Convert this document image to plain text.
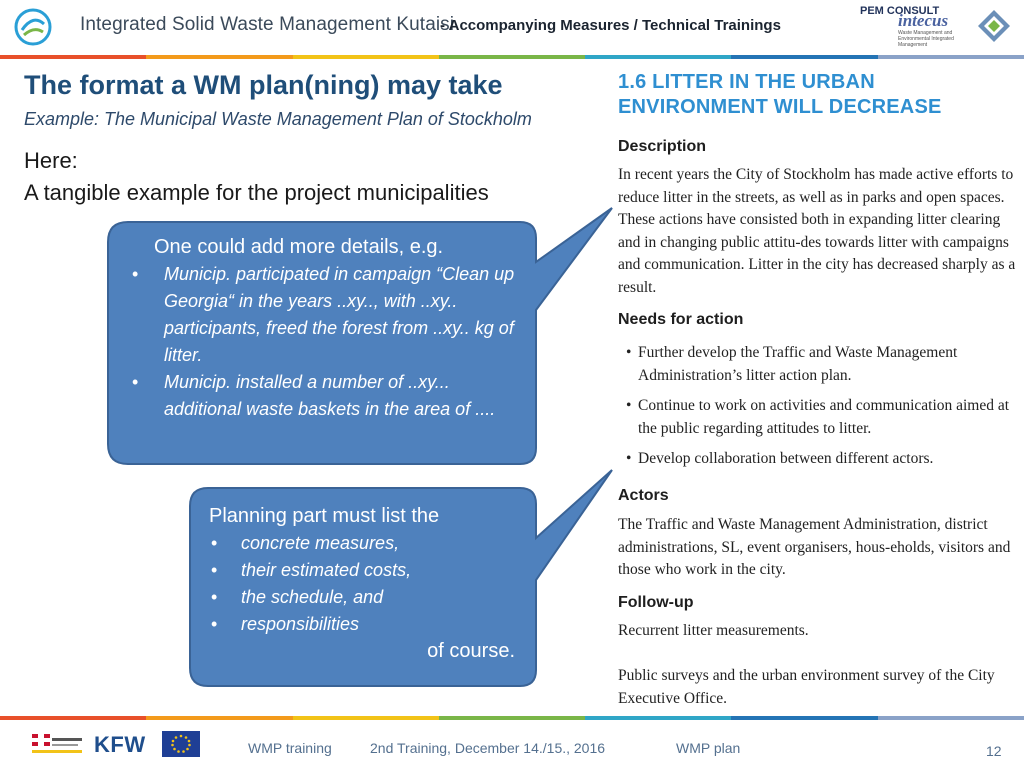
Integrated Solid Waste Management Kutaisi
- Accompanying Measures / Technical Trainings
PEM CONSULT
intecus
Waste Management and Environmental Integrated Management
The format a WM plan(ning) may take
Example: The Municipal Waste Management Plan of Stockholm
Here:
A tangible example for the project municipalities
One could add more details, e.g.
• Municip. participated in campaign “Clean up Georgia“ in the years ..xy.., with ..xy.. participants, freed the forest from ..xy.. kg of litter.
• Municip. installed a number of ..xy... additional waste baskets in the area of ....
Planning part must list the
• concrete measures,
• their estimated costs,
• the schedule, and
• responsibilities
of course.
1.6 LITTER IN THE URBAN
ENVIRONMENT WILL DECREASE
Description
In recent years the City of Stockholm has made active efforts to reduce litter in the streets, as well as in parks and open spaces. These actions have consisted both in expanding litter clearing and in changing public attitu-des towards litter with campaigns and communication. Litter in the city has decreased sharply as a result.
Needs for action
• Further develop the Traffic and Waste Management Administration’s litter action plan.
• Continue to work on activities and communication aimed at the public regarding attitudes to litter.
• Develop collaboration between different actors.
Actors
The Traffic and Waste Management Administration, district administrations, SL, event organisers, hous-eholds, visitors and those who work in the city.
Follow-up
Recurrent litter measurements.
Public surveys and the urban environment survey of the City Executive Office.
KFW	WMP training	2nd Training, December 14./15., 2016	WMP plan	12
